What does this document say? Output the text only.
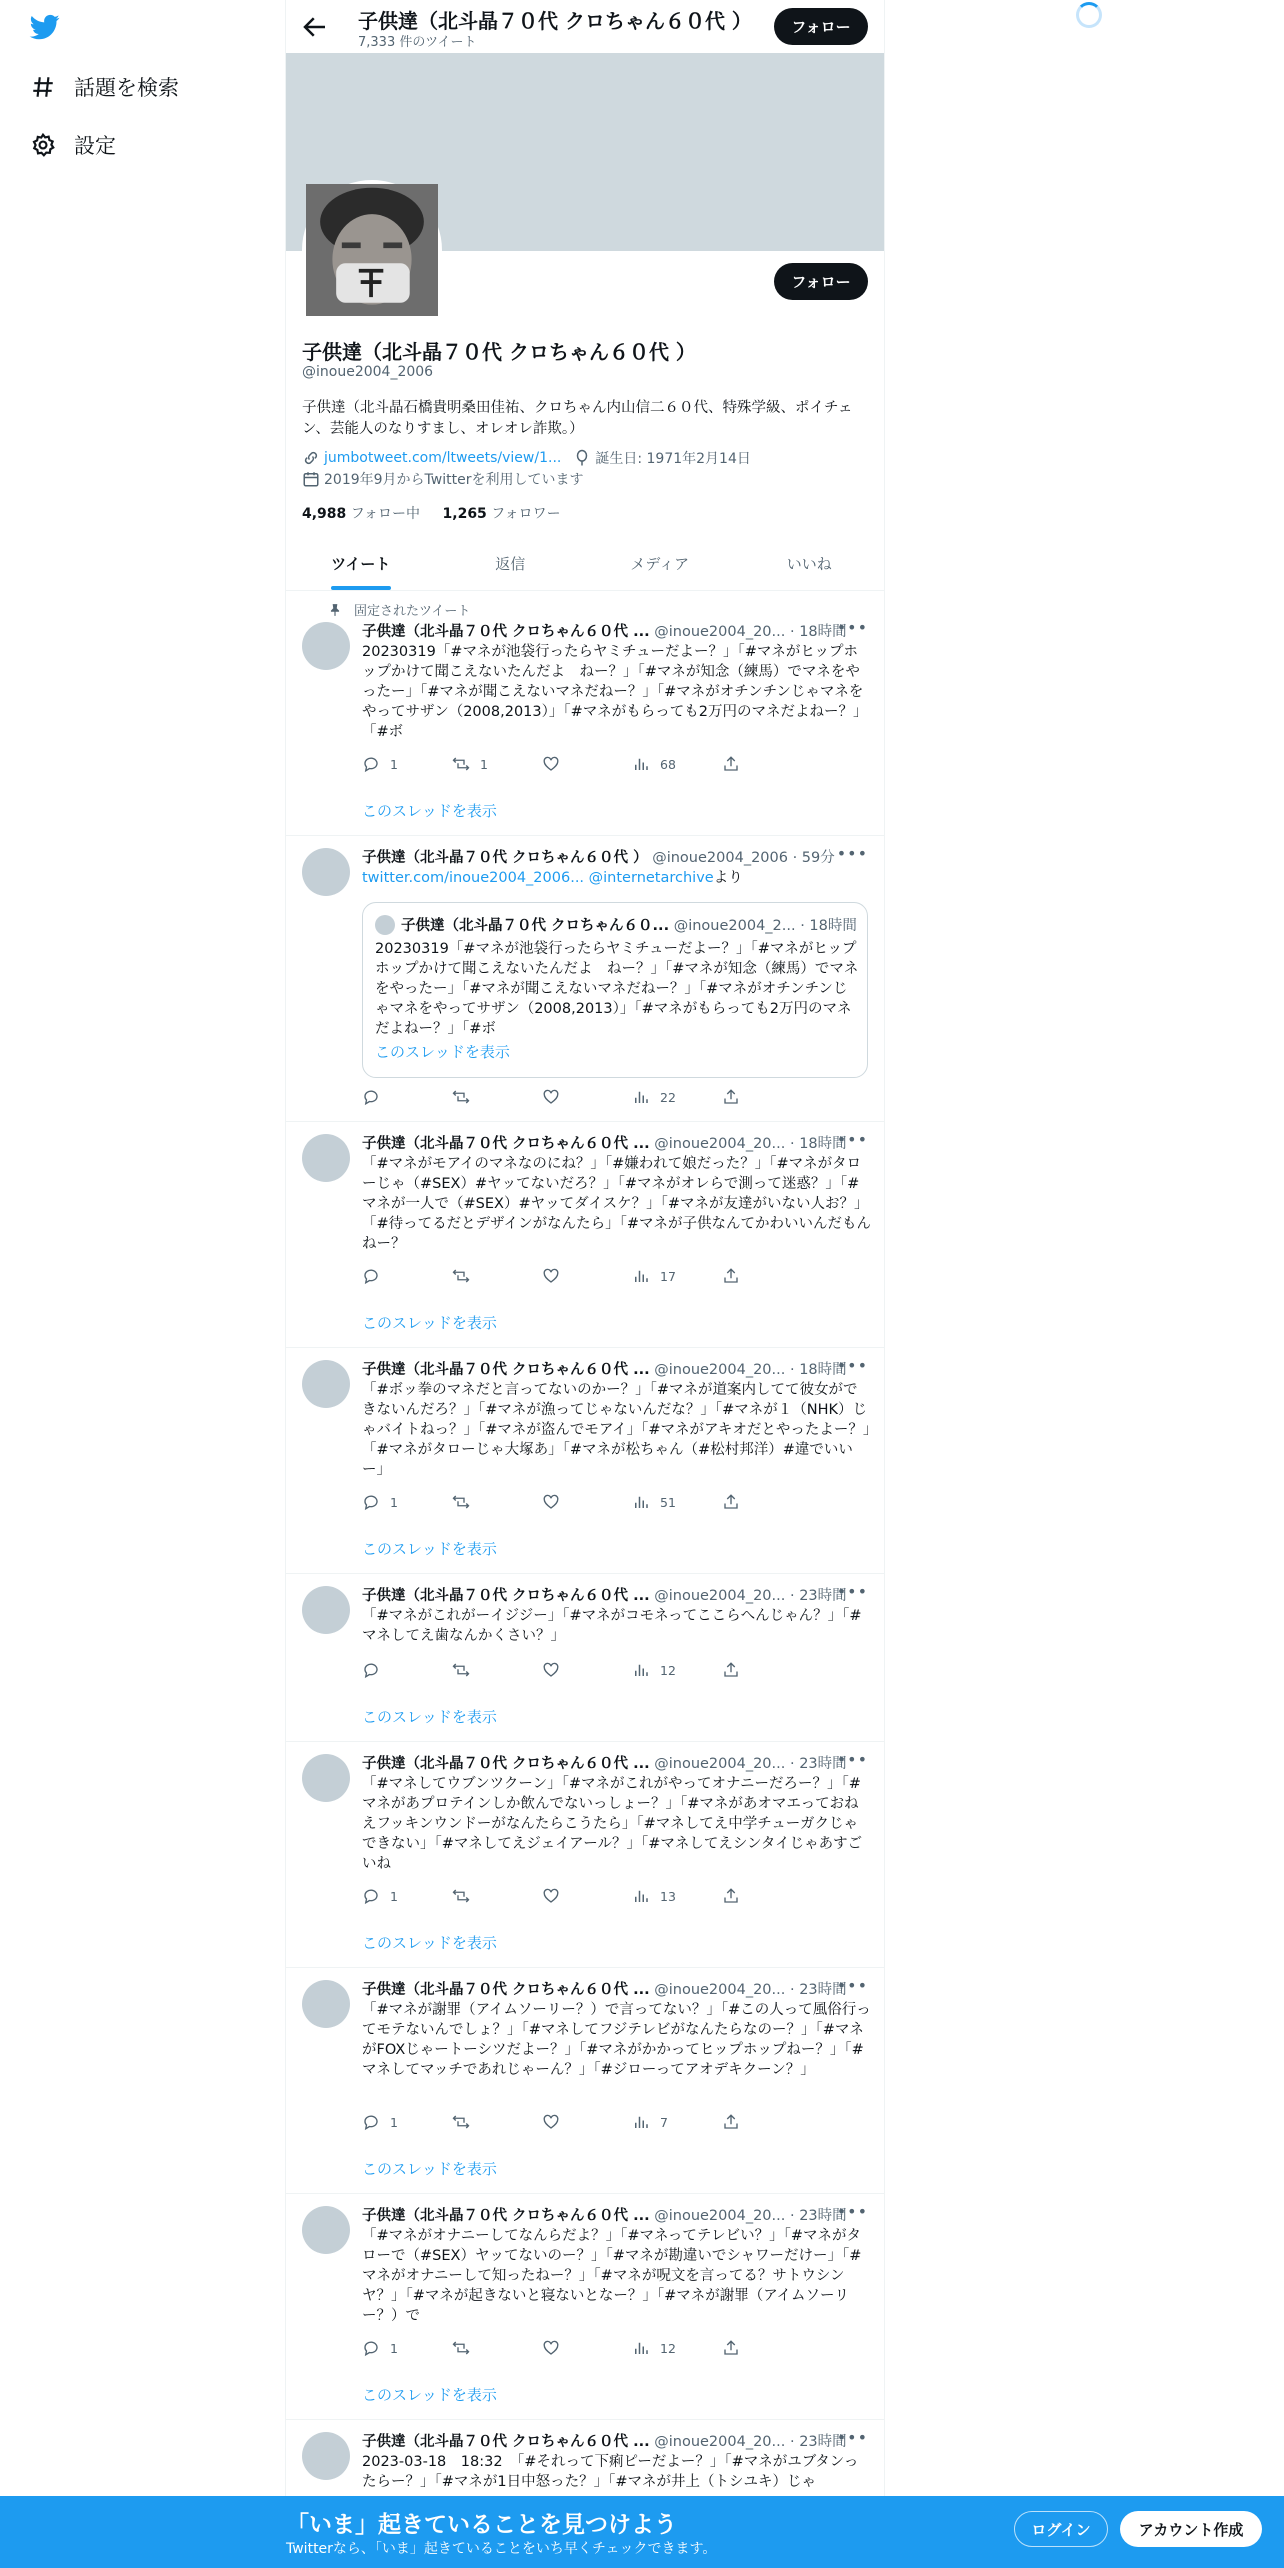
話題を検索
設定
子供達（北斗晶７０代 クロちゃん６０代 ）
7,333 件のツイート
フォロー
フォロー
子供達（北斗晶７０代 クロちゃん６０代 ）
@inoue2004_2006
子供達（北斗晶石橋貴明桑田佳祐、クロちゃん内山信二６０代、特殊学級、ポイチェン、芸能人のなりすまし、オレオレ詐欺。）
jumbotweet.com/ltweets/view/1... 誕生日: 1971年2月14日
2019年9月からTwitterを利用しています
4,988 フォロー中 1,265 フォロワー
ツイート	返信	メディア	いいね
固定されたツイート
子供達（北斗晶７０代 クロちゃん６０代 ... @inoue2004_20... · 18時間
•••
20230319「#マネが池袋行ったらヤミチューだよー？」「#マネがヒップホップかけて聞こえないたんだよ　ねー？」「#マネが知念（練馬）でマネをやったー」「#マネが聞こえないマネだねー？」「#マネがオチンチンじゃマネをやってサザン（2008,2013）」「#マネがもらっても2万円のマネだよねー？」「#ボ
1	1	68
このスレッドを表示
子供達（北斗晶７０代 クロちゃん６０代 ） @inoue2004_2006 · 59分 •••
twitter.com/inoue2004_2006... @internetarchiveより
子供達（北斗晶７０代 クロちゃん６０... @inoue2004_2... · 18時間
20230319「#マネが池袋行ったらヤミチューだよー？」「#マネがヒップホップかけて聞こえないたんだよ　ねー？」「#マネが知念（練馬）でマネをやったー」「#マネが聞こえないマネだねー？」「#マネがオチンチンじゃマネをやってサザン（2008,2013）」「#マネがもらっても2万円のマネだよねー？」「#ボ
このスレッドを表示
22
子供達（北斗晶７０代 クロちゃん６０代 ... @inoue2004_20... · 18時間
•••
「#マネがモアイのマネなのにね？」「#嫌われて娘だった？」「#マネがタローじゃ（#SEX）#ヤッてないだろ？」「#マネがオレらで測って迷惑？」「#マネが一人で（#SEX）#ヤッてダイスケ？」「#マネが友達がいない人お？」「#待ってるだとデザインがなんたら」「#マネが子供なんてかわいいんだもんねー？
17
このスレッドを表示
子供達（北斗晶７０代 クロちゃん６０代 ... @inoue2004_20... · 18時間
•••
「#ボッ拳のマネだと言ってないのかー？」「#マネが道案内してて彼女ができないんだろ？」「#マネが漁ってじゃないんだな？」「#マネが１（NHK）じゃバイトねっ？」「#マネが盗んでモアイ」「#マネがアキオだとやったよー？」「#マネがタローじゃ大塚あ」「#マネが松ちゃん（#松村邦洋）#違でいいー」
1	51
このスレッドを表示
子供達（北斗晶７０代 クロちゃん６０代 ... @inoue2004_20... · 23時間
•••
「#マネがこれがーイジジー」「#マネがコモネってここらへんじゃん？」「#マネしてえ歯なんかくさい？」
12
このスレッドを表示
子供達（北斗晶７０代 クロちゃん６０代 ... @inoue2004_20... · 23時間
•••
「#マネしてウブンツクーン」「#マネがこれがやってオナニーだろー？」「#マネがあプロテインしか飲んでないっしょー？」「#マネがあオマエっておねえフッキンウンドーがなんたらこうたら」「#マネしてえ中学チューガクじゃできない」「#マネしてえジェイアール？」「#マネしてえシンタイじゃあすごいね
1	13
このスレッドを表示
子供達（北斗晶７０代 クロちゃん６０代 ... @inoue2004_20... · 23時間
•••
「#マネが謝罪（アイムソーリー？）で言ってない？」「#この人って風俗行ってモテないんでしょ？」「#マネしてフジテレビがなんたらなのー？」「#マネがFOXじゃートーシツだよー？」「#マネがかかってヒップホップねー？」「#マネしてマッチであれじゃーん？」「#ジローってアオデキクーン？」
1	7
このスレッドを表示
子供達（北斗晶７０代 クロちゃん６０代 ... @inoue2004_20... · 23時間
•••
「#マネがオナニーしてなんらだよ？」「#マネってテレビい？」「#マネがタローで（#SEX）ヤッてないのー？」「#マネが勘違いでシャワーだけー」「#マネがオナニーして知ったねー？」「#マネが呪文を言ってる？サトウシンヤ？」「#マネが起きないと寝ないとなー？」「#マネが謝罪（アイムソーリー？）で
1	12
このスレッドを表示
子供達（北斗晶７０代 クロちゃん６０代 ... @inoue2004_20... · 23時間
•••
2023-03-18　18:32　「#それって下痢ピーだよー？」「#マネがユブタンったらー？」「#マネが1日中怒った？」「#マネが井上（トシユキ）じゃ
「いま」起きていることを見つけよう
Twitterなら、「いま」起きていることをいち早くチェックできます。
ログイン	アカウント作成
